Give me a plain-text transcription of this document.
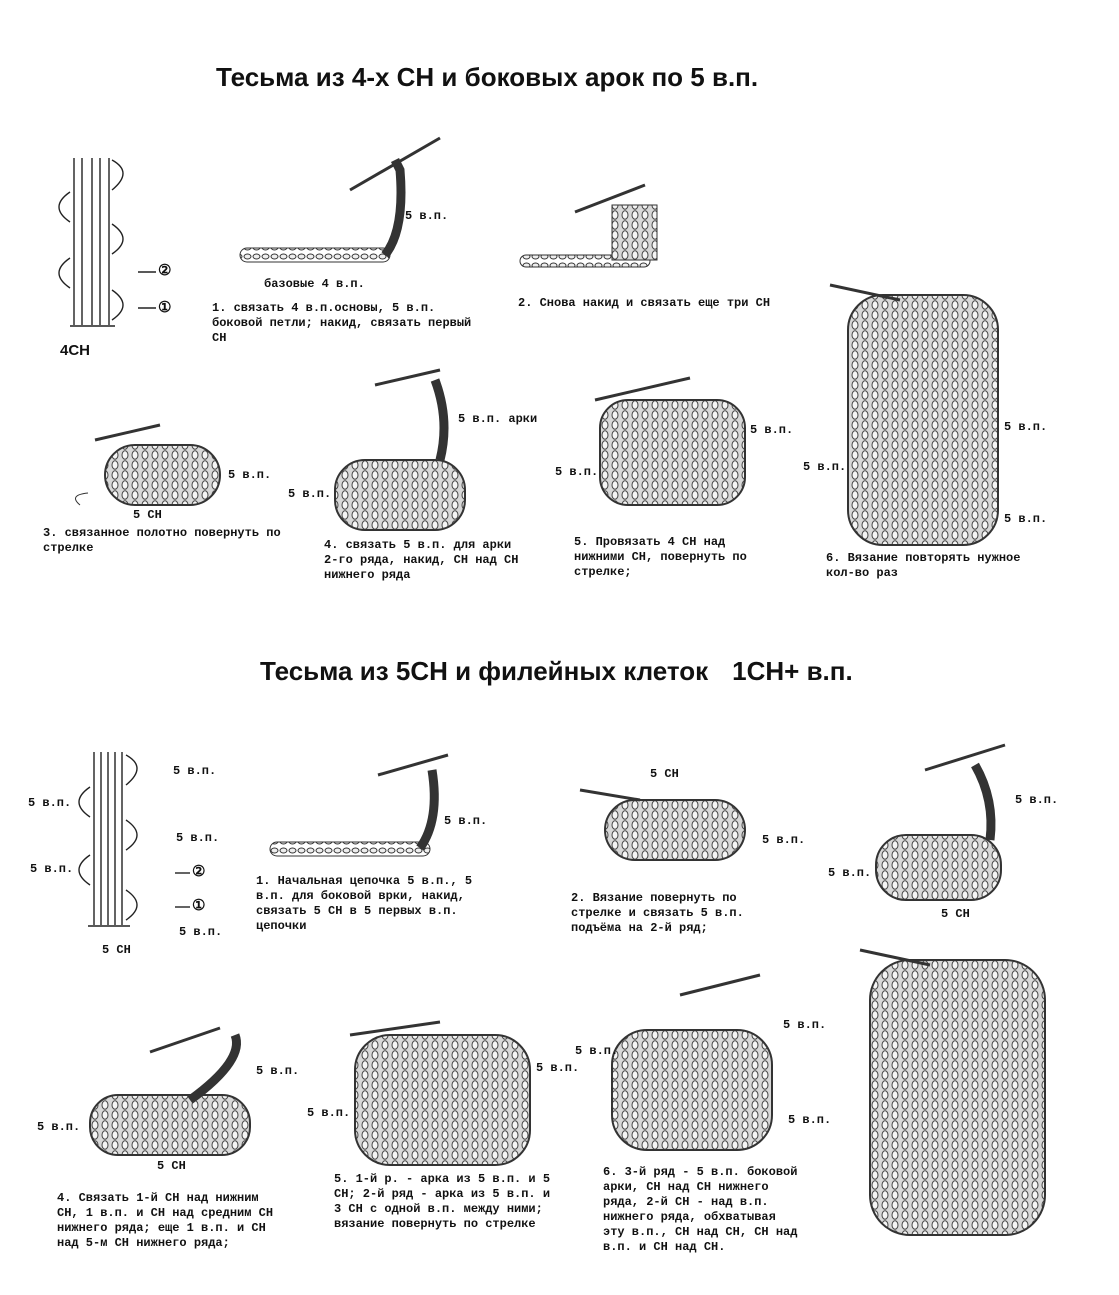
Тесьма из 4-х СН и боковых арок по 5 в.п.
Тесьма из 5СН и филейных клеток 1СН+ в.п.
4СН
②
①
базовые 4 в.п.
5 в.п.
1. связать 4 в.п.основы, 5 в.п. боковой петли; накид, связать первый СН
2. Снова накид и связать еще три СН
5 СН
5 в.п.
3. связанное полотно повернуть по стрелке
5 в.п. арки
5 в.п.
4. связать 5 в.п. для арки 2-го ряда, накид, СН над СН нижнего ряда
5 в.п.
5 в.п.
5. Провязать 4 СН над нижними СН, повернуть по стрелке;
5 в.п.
5 в.п.
5 в.п.
6. Вязание повторять нужное кол-во раз
5 в.п.
5 в.п.
5 в.п.
5 в.п.
5 в.п.
5 СН
②
①
5 в.п.
1. Начальная цепочка 5 в.п., 5 в.п. для боковой врки, накид, связать 5 СН в 5 первых в.п. цепочки
5 СН
5 в.п.
2. Вязание повернуть по стрелке и связать 5 в.п. подъёма на 2-й ряд;
5 в.п.
5 в.п.
5 СН
5 в.п.
5 в.п.
5 СН
4. Связать 1-й СН над нижним СН, 1 в.п. и СН над средним СН нижнего ряда; еще 1 в.п. и СН над 5-м СН нижнего ряда;
5 в.п.
5 в.п.
5. 1-й р. - арка из 5 в.п. и 5 СН; 2-й ряд - арка из 5 в.п. и 3 СН с одной в.п. между ними; вязание повернуть по стрелке
5 в.п.
5 в.п.
5 в.п.
6. 3-й ряд - 5 в.п. боковой арки, СН над СН нижнего ряда, 2-й СН - над в.п. нижнего ряда, обхватывая эту в.п., СН над СН, СН над в.п. и СН над СН.
